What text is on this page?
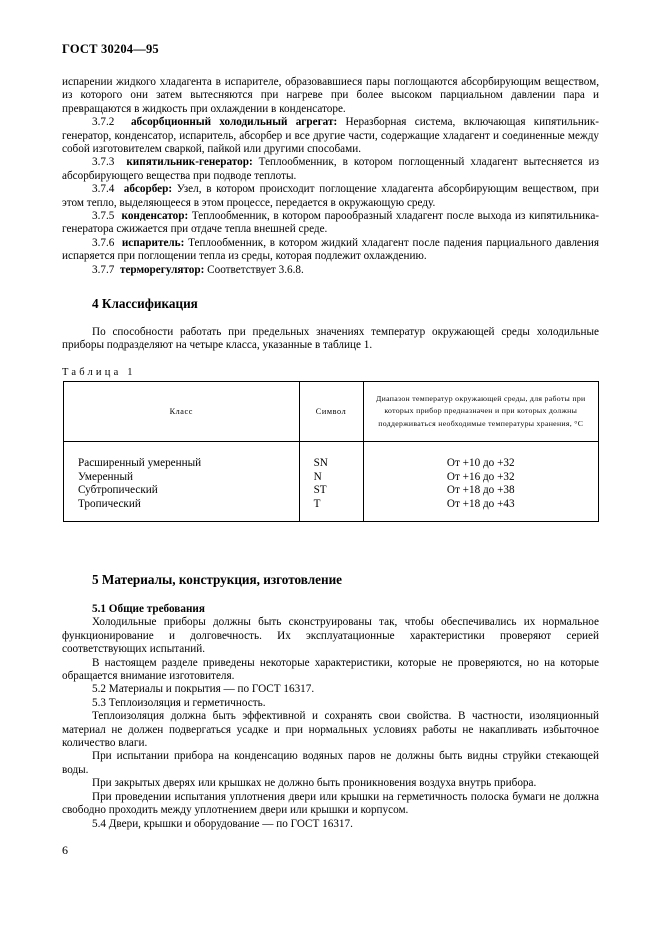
ГОСТ 30204—95

испарении жидкого хладагента в испарителе, образовавшиеся пары поглощаются абсорбирующим веществом, из которого они затем вытесняются при нагреве при более высоком парциальном давлении пара и превращаются в жидкость при охлаждении в конденсаторе.

3.7.2 абсорбционный холодильный агрегат: Неразборная система, включающая кипятильник-генератор, конденсатор, испаритель, абсорбер и все другие части, содержащие хладагент и соединенные между собой изготовителем сваркой, пайкой или другими способами.

3.7.3 кипятильник-генератор: Теплообменник, в котором поглощенный хладагент вытесняется из абсорбирующего вещества при подводе теплоты.

3.7.4 абсорбер: Узел, в котором происходит поглощение хладагента абсорбирующим веществом, при этом тепло, выделяющееся в этом процессе, передается в окружающую среду.

3.7.5 конденсатор: Теплообменник, в котором парообразный хладагент после выхода из кипятильника-генератора сжижается при отдаче тепла внешней среде.

3.7.6 испаритель: Теплообменник, в котором жидкий хладагент после падения парциального давления испаряется при поглощении тепла из среды, которая подлежит охлаждению.

3.7.7 терморегулятор: Соответствует 3.6.8.

4 Классификация

По способности работать при предельных значениях температур окружающей среды холодильные приборы подразделяют на четыре класса, указанные в таблице 1.

Таблица 1
Класс	Символ	Диапазон температур окружающей среды, для работы при которых прибор предназначен и при которых должны поддерживаться необходимые температуры хранения, °С
Расширенный умеренный	SN	От +10 до +32
Умеренный	N	От +16 до +32
Субтропический	ST	От +18 до +38
Тропический	T	От +18 до +43
5 Материалы, конструкция, изготовление

5.1 Общие требования

Холодильные приборы должны быть сконструированы так, чтобы обеспечивались их нормальное функционирование и долговечность. Их эксплуатационные характеристики проверяют серией соответствующих испытаний.

В настоящем разделе приведены некоторые характеристики, которые не проверяются, но на которые обращается внимание изготовителя.

5.2 Материалы и покрытия — по ГОСТ 16317.

5.3 Теплоизоляция и герметичность.

Теплоизоляция должна быть эффективной и сохранять свои свойства. В частности, изоляционный материал не должен подвергаться усадке и при нормальных условиях работы не накапливать избыточное количество влаги.

При испытании прибора на конденсацию водяных паров не должны быть видны струйки стекающей воды.

При закрытых дверях или крышках не должно быть проникновения воздуха внутрь прибора.

При проведении испытания уплотнения двери или крышки на герметичность полоска бумаги не должна свободно проходить между уплотнением двери или крышки и корпусом.

5.4 Двери, крышки и оборудование — по ГОСТ 16317.

6
